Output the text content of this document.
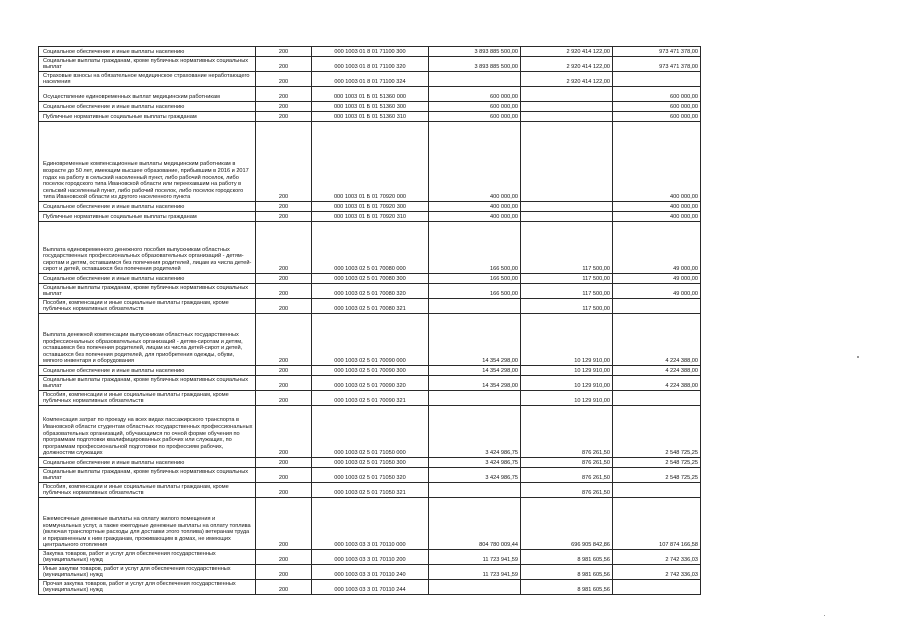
Социальное обеспечение и иные выплаты населению	200	000 1003 01 8 01 71100 300	3 893 885 500,00	2 920 414 122,00	973 471 378,00
Социальные выплаты гражданам, кроме публичных нормативных социальных выплат	200	000 1003 01 8 01 71100 320	3 893 885 500,00	2 920 414 122,00	973 471 378,00
Страховые взносы на обязательное медицинское страхование неработающего населения	200	000 1003 01 8 01 71100 324		2 920 414 122,00	
Осуществление единовременных выплат медицинским работникам	200	000 1003 01 Б 01 51360 000	600 000,00		600 000,00
Социальное обеспечение и иные выплаты населению	200	000 1003 01 Б 01 51360 300	600 000,00		600 000,00
Публичные нормативные социальные выплаты гражданам	200	000 1003 01 Б 01 51360 310	600 000,00		600 000,00
Единовременные компенсационные выплаты медицинским работникам в возрасте до 50 лет, имеющим высшее образование, прибывшим в 2016 и 2017 годах на работу в сельский населенный пункт, либо рабочий поселок, либо поселок городского типа Ивановской области или переехавшим на работу в сельский населенный пункт, либо рабочий поселок, либо поселок городского типа Ивановской области из другого населенного пункта	200	000 1003 01 Б 01 70920 000	400 000,00		400 000,00
Социальное обеспечение и иные выплаты населению	200	000 1003 01 Б 01 70920 300	400 000,00		400 000,00
Публичные нормативные социальные выплаты гражданам	200	000 1003 01 Б 01 70920 310	400 000,00		400 000,00
Выплата единовременного денежного пособия выпускникам областных государственных профессиональных образовательных организаций - детям-сиротам и детям, оставшимся без попечения родителей, лицам из числа детей-сирот и детей, оставшихся без попечения родителей	200	000 1003 02 5 01 70080 000	166 500,00	117 500,00	49 000,00
Социальное обеспечение и иные выплаты населению	200	000 1003 02 5 01 70080 300	166 500,00	117 500,00	49 000,00
Социальные выплаты гражданам, кроме публичных нормативных социальных выплат	200	000 1003 02 5 01 70080 320	166 500,00	117 500,00	49 000,00
Пособия, компенсации и иные социальные выплаты гражданам, кроме публичных нормативных обязательств	200	000 1003 02 5 01 70080 321		117 500,00	
Выплата денежной компенсации выпускникам областных государственных профессиональных образовательных организаций - детям-сиротам и детям, оставшимся без попечения родителей, лицам из числа детей-сирот и детей, оставшихся без попечения родителей, для приобретения одежды, обуви, мягкого инвентаря и оборудования	200	000 1003 02 5 01 70090 000	14 354 298,00	10 129 910,00	4 224 388,00
Социальное обеспечение и иные выплаты населению	200	000 1003 02 5 01 70090 300	14 354 298,00	10 129 910,00	4 224 388,00
Социальные выплаты гражданам, кроме публичных нормативных социальных выплат	200	000 1003 02 5 01 70090 320	14 354 298,00	10 129 910,00	4 224 388,00
Пособия, компенсации и иные социальные выплаты гражданам, кроме публичных нормативных обязательств	200	000 1003 02 5 01 70090 321		10 129 910,00	
Компенсация затрат по проезду на всех видах пассажирского транспорта в Ивановской области студентам областных государственных профессиональных образовательных организаций, обучающимся по очной форме обучения по программам подготовки квалифицированных рабочих или служащих, по программам профессиональной подготовки по профессиям рабочих, должностям служащих	200	000 1003 02 5 01 71050 000	3 424 986,75	876 261,50	2 548 725,25
Социальное обеспечение и иные выплаты населению	200	000 1003 02 5 01 71050 300	3 424 986,75	876 261,50	2 548 725,25
Социальные выплаты гражданам, кроме публичных нормативных социальных выплат	200	000 1003 02 5 01 71050 320	3 424 986,75	876 261,50	2 548 725,25
Пособия, компенсации и иные социальные выплаты гражданам, кроме публичных нормативных обязательств	200	000 1003 02 5 01 71050 321		876 261,50	
Ежемесячные денежные выплаты на оплату жилого помещения и коммунальных услуг, а также ежегодные денежные выплаты на оплату топлива (включая транспортные расходы для доставки этого топлива) ветеранам труда и приравненным к ним гражданам, проживающим в домах, не имеющих центрального отопления	200	000 1003 03 3 01 70110 000	804 780 009,44	696 905 842,86	107 874 166,58
Закупка товаров, работ и услуг для обеспечения государственных (муниципальных) нужд	200	000 1003 03 3 01 70110 200	11 723 941,59	8 981 605,56	2 742 336,03
Иные закупки товаров, работ и услуг для обеспечения государственных (муниципальных) нужд	200	000 1003 03 3 01 70110 240	11 723 941,59	8 981 605,56	2 742 336,03
Прочая закупка товаров, работ и услуг для обеспечения государственных (муниципальных) нужд	200	000 1003 03 3 01 70110 244		8 981 605,56	
